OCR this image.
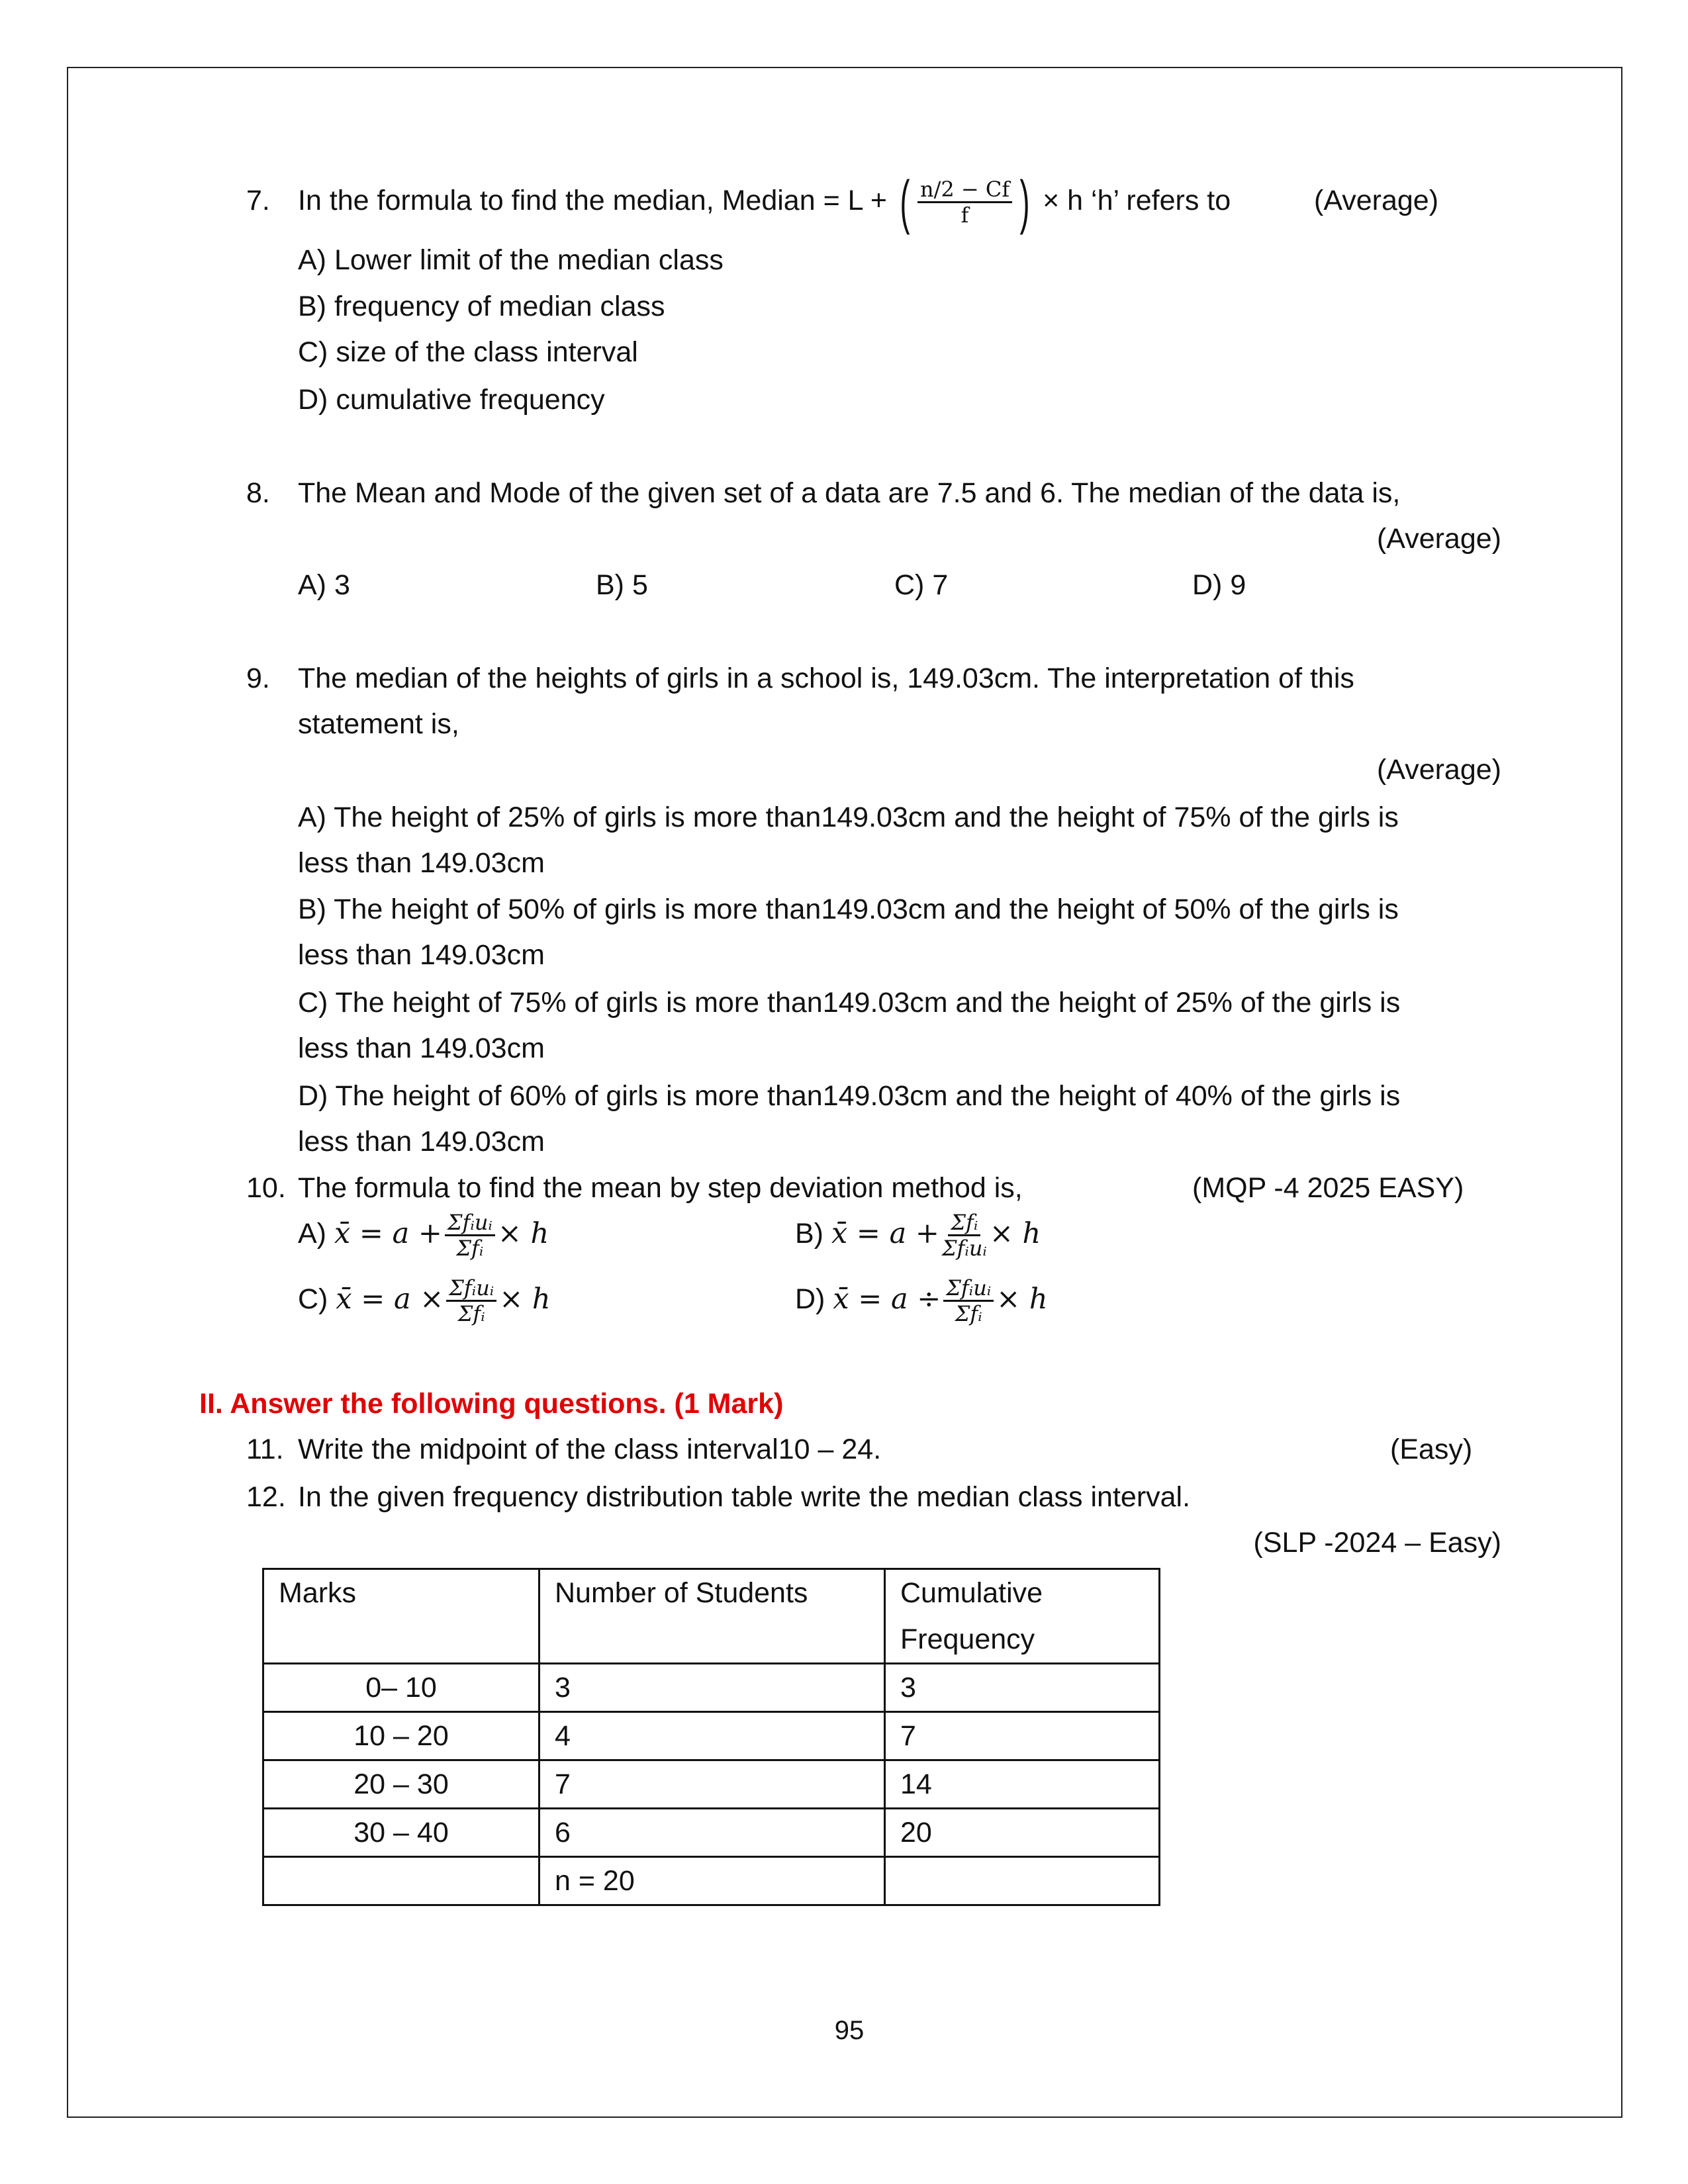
7. In the formula to find the median, Median = L + ( $\frac{n/2 - Cf}{f}$ ) × h ‘h’ refers to	(Average)
A) Lower limit of the median class
B) frequency of median class
C) size of the class interval
D) cumulative frequency
8. The Mean and Mode of the given set of a data are 7.5 and 6. The median of the data is,
(Average)
A) 3	B) 5	C) 7	D) 9
9. The median of the heights of girls in a school is, 149.03cm. The interpretation of this
statement is,
(Average)
A) The height of 25% of girls is more than149.03cm and the height of 75% of the girls is
less than 149.03cm
B) The height of 50% of girls is more than149.03cm and the height of 50% of the girls is
less than 149.03cm
C) The height of 75% of girls is more than149.03cm and the height of 25% of the girls is
less than 149.03cm
D) The height of 60% of girls is more than149.03cm and the height of 40% of the girls is
less than 149.03cm
10. The formula to find the mean by step deviation method is,	(MQP -4 2025 EASY)
A) x̄ = $a + \frac{\text{Σfᵢuᵢ}}{\text{Σfᵢ}} \times h$	B) x̄ = $a + \frac{\text{Σfᵢ}}{\text{Σfᵢuᵢ}} \times h$
C) x̄ = $a \times \frac{\text{Σfᵢuᵢ}}{\text{Σfᵢ}} \times h$	D) x̄ = $a \div \frac{\text{Σfᵢuᵢ}}{\text{Σfᵢ}} \times h$
II. Answer the following questions. (1 Mark)
11. Write the midpoint of the class interval10 – 24.	(Easy)
12. In the given frequency distribution table write the median class interval.
(SLP -2024 – Easy)
Marks	Number of Students	Cumulative
Frequency

0– 10	3	3
10 – 20	4	7
20 – 30	7	14
30 – 40	6	20
	n = 20	
95
